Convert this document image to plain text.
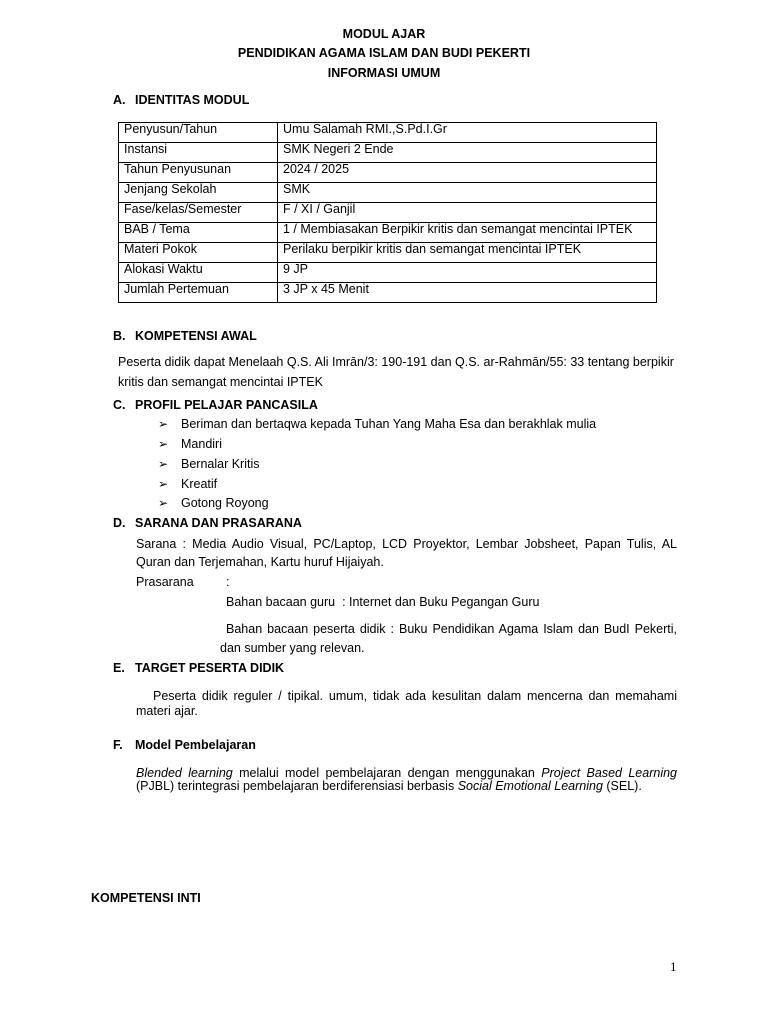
MODUL AJAR
PENDIDIKAN AGAMA ISLAM DAN BUDI PEKERTI
INFORMASI UMUM
A. IDENTITAS MODUL
Penyusun/Tahun	Umu Salamah RMI.,S.Pd.I.Gr
Instansi	SMK Negeri 2 Ende
Tahun Penyusunan	2024 / 2025
Jenjang Sekolah	SMK
Fase/kelas/Semester	F / XI / Ganjil
BAB / Tema	1 / Membiasakan Berpikir kritis dan semangat mencintai IPTEK
Materi Pokok	Perilaku berpikir kritis dan semangat mencintai IPTEK
Alokasi Waktu	9 JP
Jumlah Pertemuan	3 JP x 45 Menit
B. KOMPETENSI AWAL
Peserta didik dapat Menelaah Q.S. Ali Imrān/3: 190-191 dan Q.S. ar-Rahmān/55: 33 tentang berpikir
kritis dan semangat mencintai IPTEK
C. PROFIL PELAJAR PANCASILA
➢ Beriman dan bertaqwa kepada Tuhan Yang Maha Esa dan berakhlak mulia
➢ Mandiri
➢ Bernalar Kritis
➢ Kreatif
➢ Gotong Royong
D. SARANA DAN PRASARANA
Sarana : Media Audio Visual, PC/Laptop, LCD Proyektor, Lembar Jobsheet, Papan Tulis, AL
Quran dan Terjemahan, Kartu huruf Hijaiyah.
Prasarana	:
Bahan bacaan guru  : Internet dan Buku Pegangan Guru
Bahan bacaan peserta didik : Buku Pendidikan Agama Islam dan BudI Pekerti,
dan sumber yang relevan.
E. TARGET PESERTA DIDIK
Peserta didik reguler / tipikal. umum, tidak ada kesulitan dalam mencerna dan memahami
materi ajar.
F. Model Pembelajaran
Blended learning melalui model pembelajaran dengan menggunakan Project Based Learning
(PJBL) terintegrasi pembelajaran berdiferensiasi berbasis Social Emotional Learning (SEL).
KOMPETENSI INTI
1
